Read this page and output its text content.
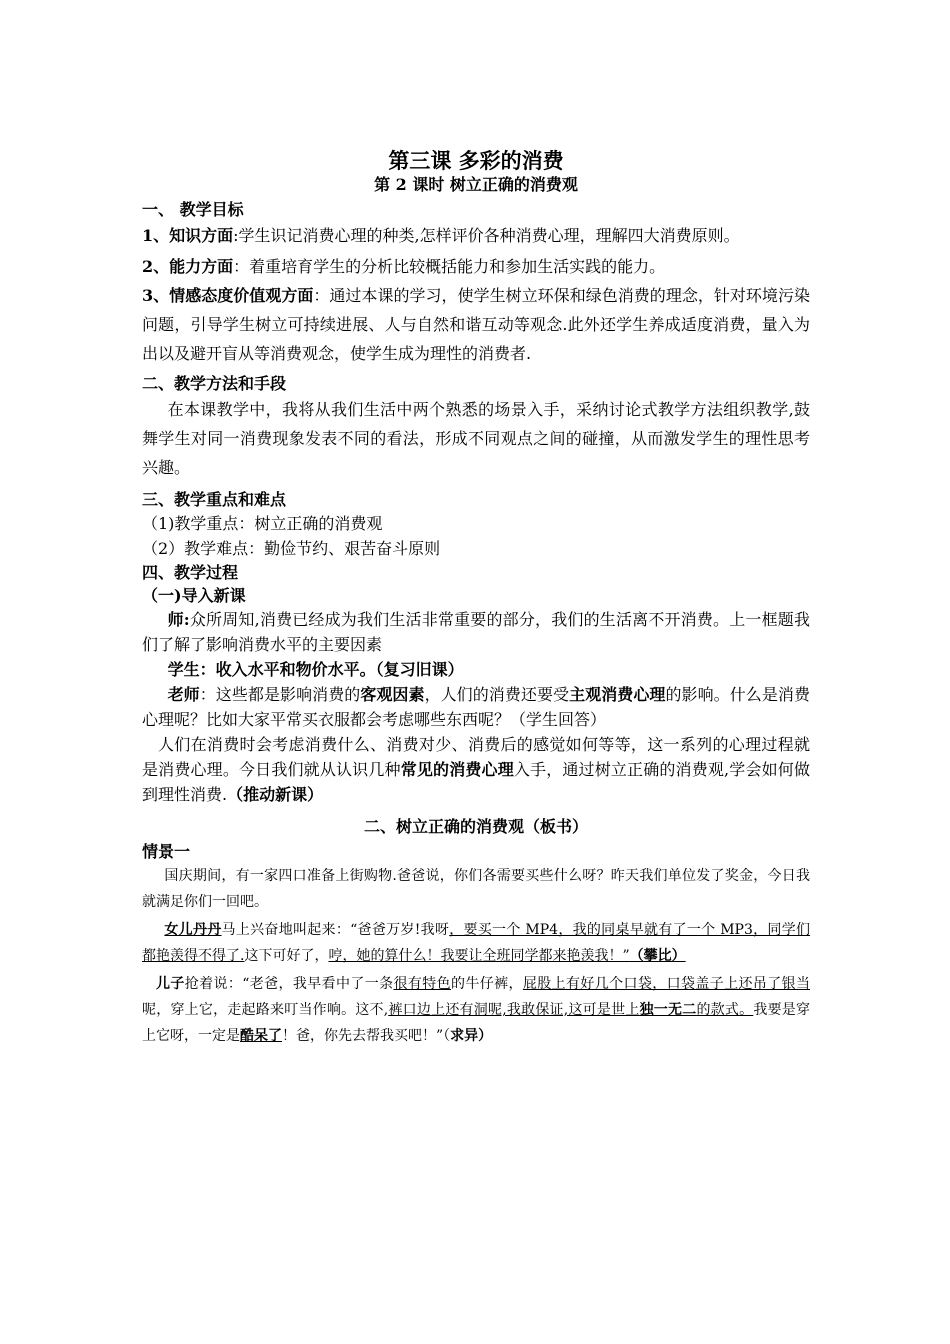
第三课 多彩的消费

第 2 课时 树立正确的消费观

一、 教学目标

1、知识方面:学生识记消费心理的种类,怎样评价各种消费心理，理解四大消费原则。

2、能力方面：着重培育学生的分析比较概括能力和参加生活实践的能力。

3、情感态度价值观方面：通过本课的学习，使学生树立环保和绿色消费的理念，针对环境污染问题，引导学生树立可持续进展、人与自然和谐互动等观念.此外还学生养成适度消费，量入为出以及避开盲从等消费观念，使学生成为理性的消费者.

二、教学方法和手段

在本课教学中，我将从我们生活中两个熟悉的场景入手，采纳讨论式教学方法组织教学,鼓舞学生对同一消费现象发表不同的看法，形成不同观点之间的碰撞，从而激发学生的理性思考兴趣。

三、教学重点和难点

（1)教学重点：树立正确的消费观

（2）教学难点：勤俭节约、艰苦奋斗原则

四、教学过程

（一)导入新课

师:众所周知,消费已经成为我们生活非常重要的部分，我们的生活离不开消费。上一框题我们了解了影响消费水平的主要因素

学生：收入水平和物价水平。（复习旧课）

老师：这些都是影响消费的客观因素，人们的消费还要受主观消费心理的影响。什么是消费心理呢？比如大家平常买衣服都会考虑哪些东西呢？（学生回答）

人们在消费时会考虑消费什么、消费对少、消费后的感觉如何等等，这一系列的心理过程就是消费心理。今日我们就从认识几种常见的消费心理入手，通过树立正确的消费观,学会如何做到理性消费.（推动新课）

二、树立正确的消费观（板书）

情景一

国庆期间，有一家四口准备上街购物.爸爸说，你们各需要买些什么呀？昨天我们单位发了奖金，今日我就满足你们一回吧。

女儿丹丹马上兴奋地叫起来：“爸爸万岁!我呀，要买一个 MP4，我的同桌早就有了一个 MP3，同学们都艳羡得不得了.这下可好了，哼，她的算什么！我要让全班同学都来艳羡我！”（攀比）

儿子抢着说：“老爸，我早看中了一条很有特色的牛仔裤，屁股上有好几个口袋，口袋盖子上还吊了银当呢，穿上它，走起路来叮当作响。这不,裤口边上还有洞呢,我敢保证,这可是世上独一无二的款式。我要是穿上它呀，一定是酷呆了！爸，你先去帮我买吧！”（求异）
